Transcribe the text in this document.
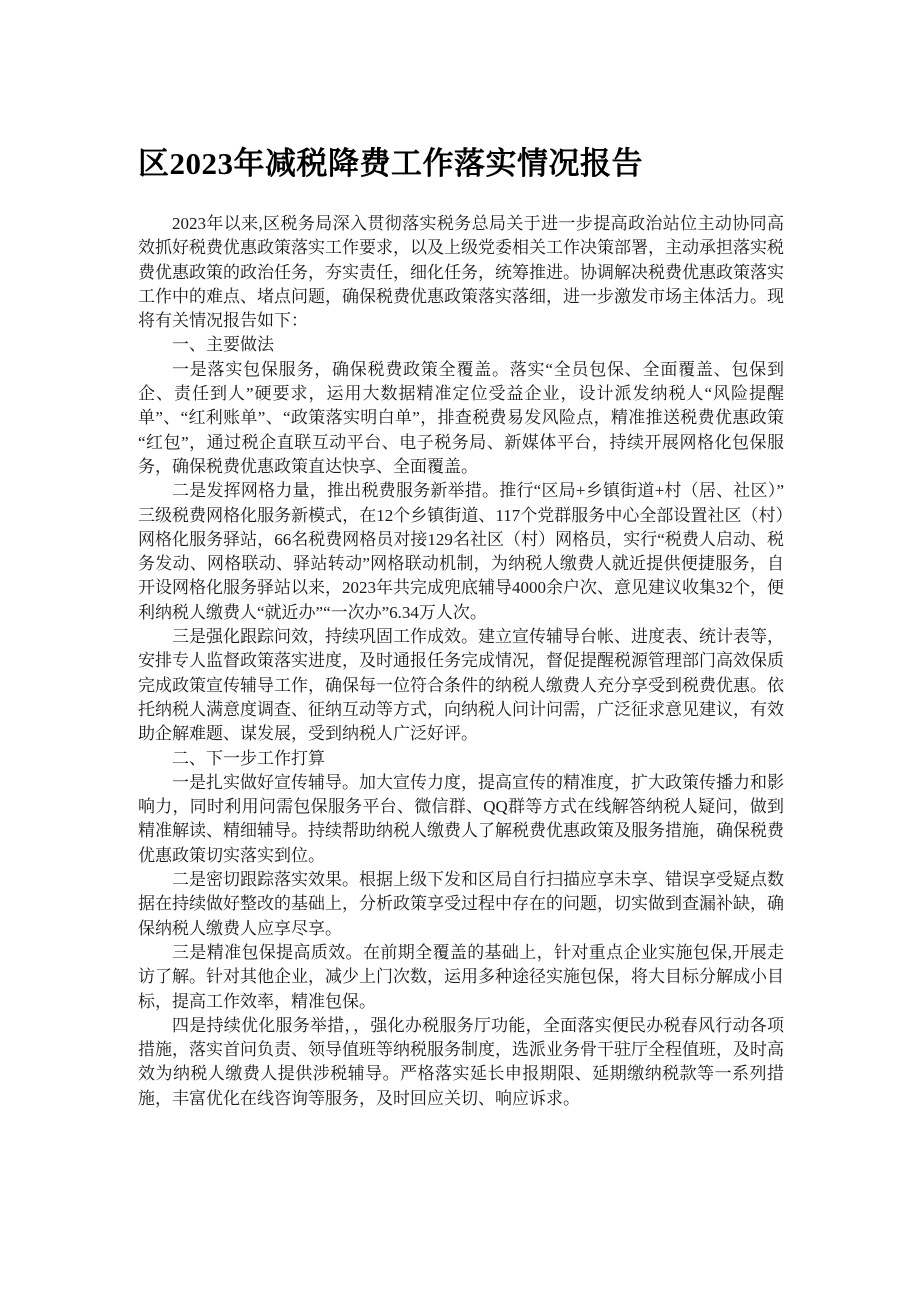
区2023年减税降费工作落实情况报告

2023年以来,区税务局深入贯彻落实税务总局关于进一步提高政治站位主动协同高效抓好税费优惠政策落实工作要求，以及上级党委相关工作决策部署，主动承担落实税费优惠政策的政治任务，夯实责任，细化任务，统筹推进。协调解决税费优惠政策落实工作中的难点、堵点问题，确保税费优惠政策落实落细，进一步激发市场主体活力。现将有关情况报告如下：

一、主要做法

一是落实包保服务，确保税费政策全覆盖。落实“全员包保、全面覆盖、包保到企、责任到人”硬要求，运用大数据精准定位受益企业，设计派发纳税人“风险提醒单”、“红利账单”、“政策落实明白单”，排查税费易发风险点，精准推送税费优惠政策“红包”，通过税企直联互动平台、电子税务局、新媒体平台，持续开展网格化包保服务，确保税费优惠政策直达快享、全面覆盖。

二是发挥网格力量，推出税费服务新举措。推行“区局+乡镇街道+村（居、社区）”三级税费网格化服务新模式，在12个乡镇街道、117个党群服务中心全部设置社区（村）网格化服务驿站，66名税费网格员对接129名社区（村）网格员，实行“税费人启动、税务发动、网格联动、驿站转动”网格联动机制，为纳税人缴费人就近提供便捷服务，自开设网格化服务驿站以来，2023年共完成兜底辅导4000余户次、意见建议收集32个，便利纳税人缴费人“就近办”“一次办”6.34万人次。

三是强化跟踪问效，持续巩固工作成效。建立宣传辅导台帐、进度表、统计表等，安排专人监督政策落实进度，及时通报任务完成情况，督促提醒税源管理部门高效保质完成政策宣传辅导工作，确保每一位符合条件的纳税人缴费人充分享受到税费优惠。依托纳税人满意度调查、征纳互动等方式，向纳税人问计问需，广泛征求意见建议，有效助企解难题、谋发展，受到纳税人广泛好评。

二、下一步工作打算

一是扎实做好宣传辅导。加大宣传力度，提高宣传的精准度，扩大政策传播力和影响力，同时利用问需包保服务平台、微信群、QQ群等方式在线解答纳税人疑问，做到精准解读、精细辅导。持续帮助纳税人缴费人了解税费优惠政策及服务措施，确保税费优惠政策切实落实到位。

二是密切跟踪落实效果。根据上级下发和区局自行扫描应享未享、错误享受疑点数据在持续做好整改的基础上，分析政策享受过程中存在的问题，切实做到查漏补缺，确保纳税人缴费人应享尽享。

三是精准包保提高质效。在前期全覆盖的基础上，针对重点企业实施包保,开展走访了解。针对其他企业，减少上门次数，运用多种途径实施包保，将大目标分解成小目标，提高工作效率，精准包保。

四是持续优化服务举措，，强化办税服务厅功能，全面落实便民办税春风行动各项措施，落实首问负责、领导值班等纳税服务制度，选派业务骨干驻厅全程值班，及时高效为纳税人缴费人提供涉税辅导。严格落实延长申报期限、延期缴纳税款等一系列措施，丰富优化在线咨询等服务，及时回应关切、响应诉求。
